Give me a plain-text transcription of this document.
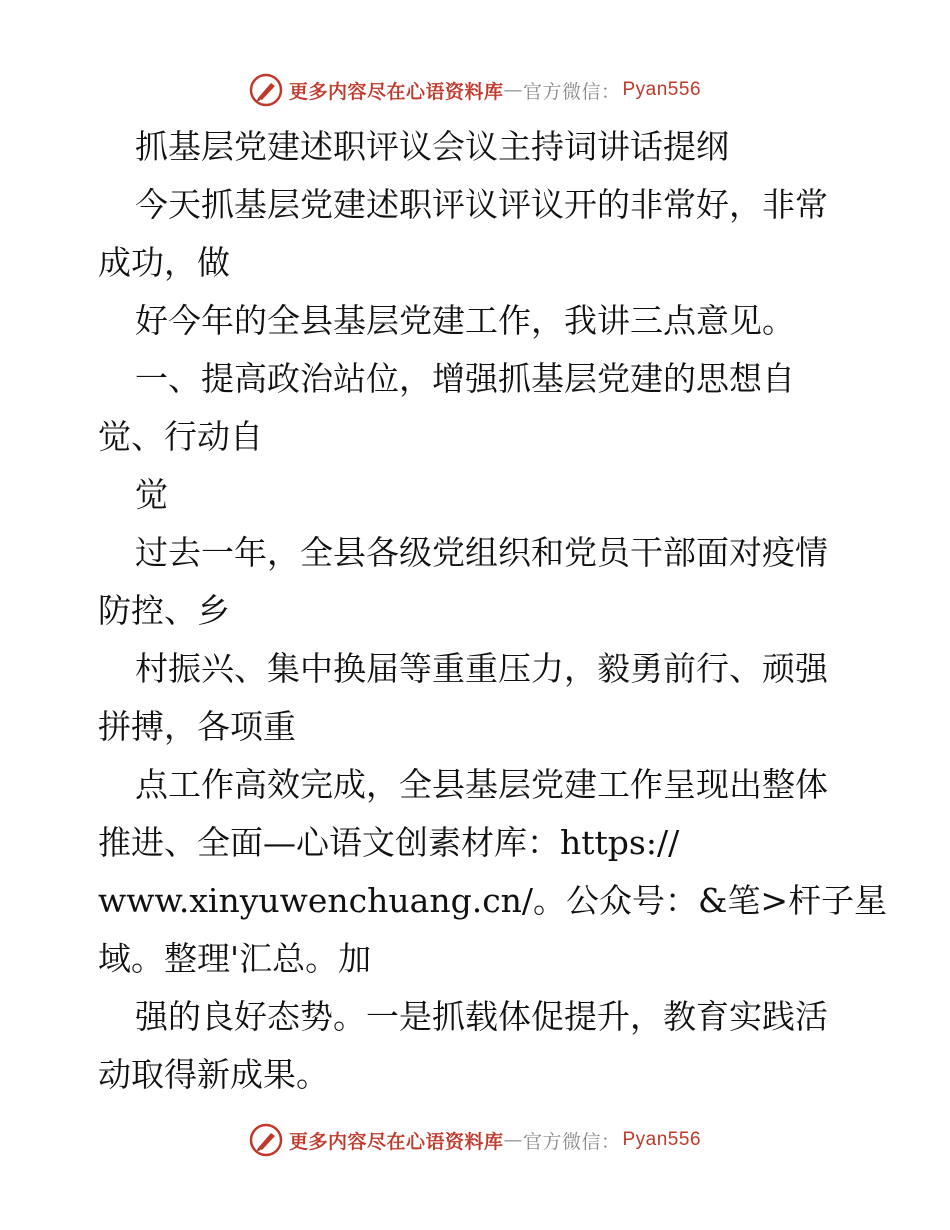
更多内容尽在心语资料库 — 官方微信： Pyan556
抓基层党建述职评议会议主持词讲话提纲
今天抓基层党建述职评议评议开的非常好，非常
成功，做
好今年的全县基层党建工作，我讲三点意见。
一、提高政治站位，增强抓基层党建的思想自
觉、行动自
觉
过去一年，全县各级党组织和党员干部面对疫情
防控、乡
村振兴、集中换届等重重压力，毅勇前行、顽强
拼搏，各项重
点工作高效完成，全县基层党建工作呈现出整体
推进、全面—心语文创素材库：https://
www.xinyuwenchuang.cn/。公众号：&笔>杆子星
域。整理'汇总。加
强的良好态势。一是抓载体促提升，教育实践活
动取得新成果。
更多内容尽在心语资料库 — 官方微信： Pyan556
